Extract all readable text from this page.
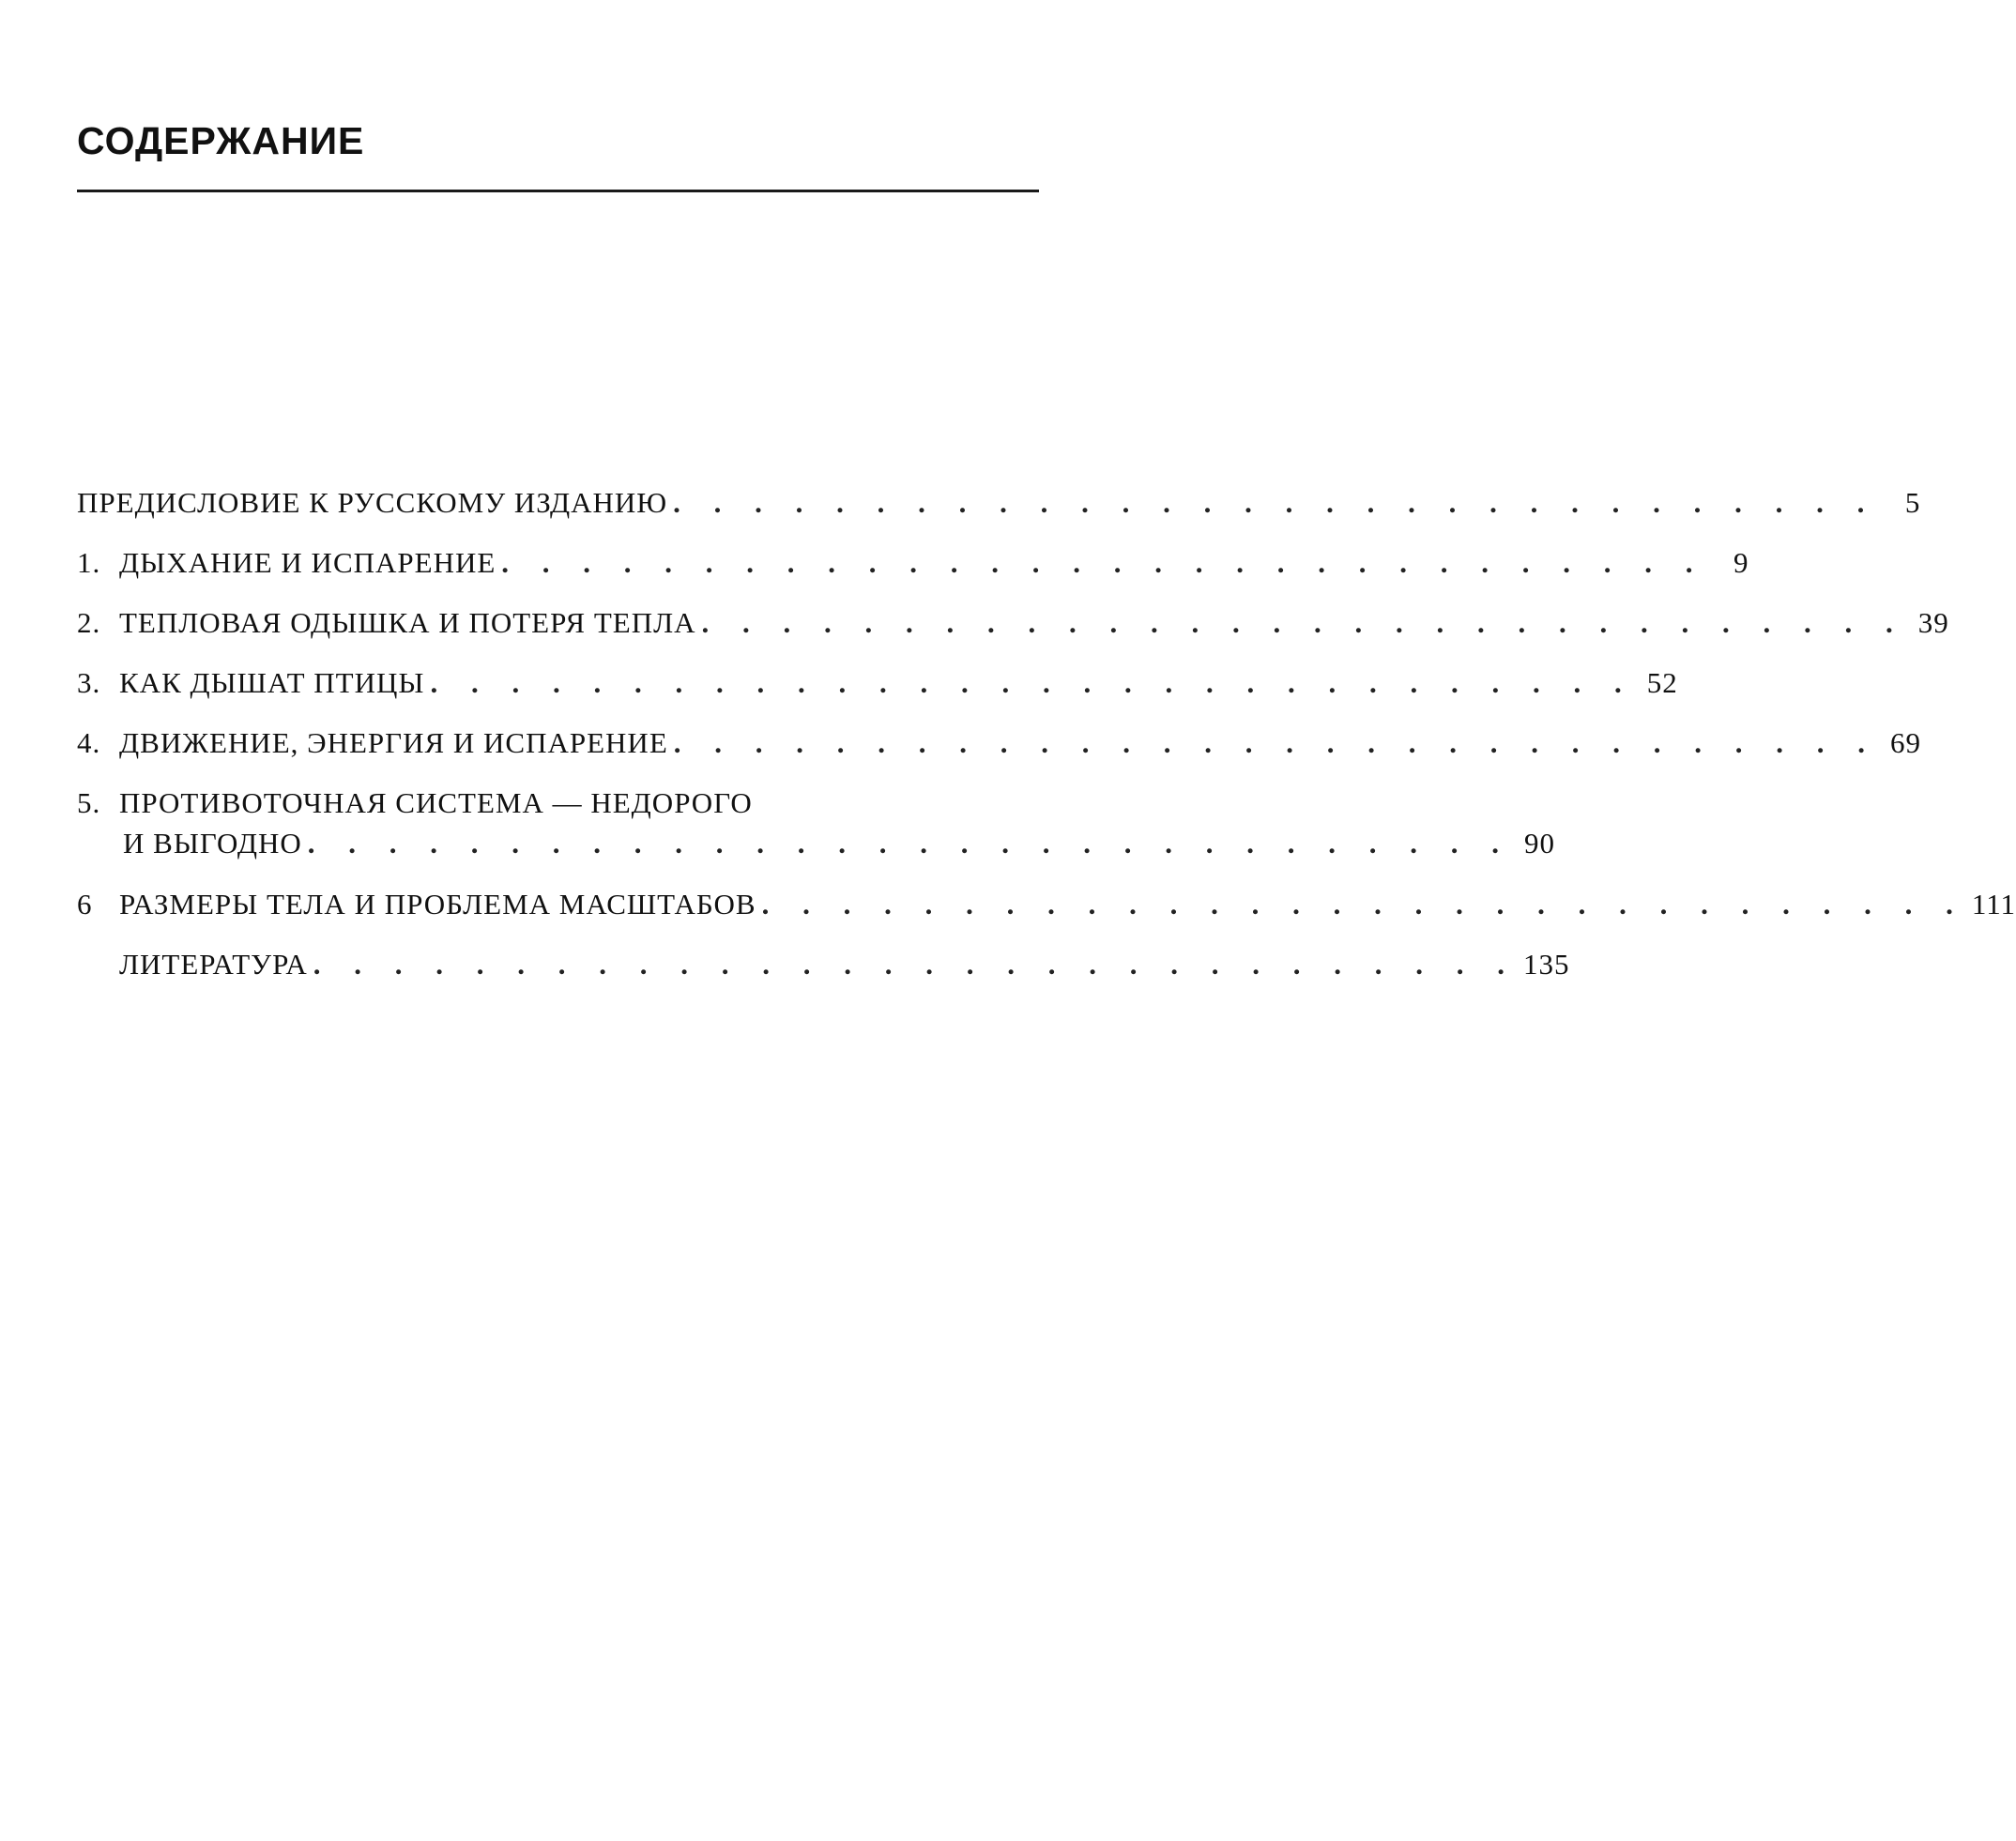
СОДЕРЖАНИЕ
ПРЕДИСЛОВИЕ К РУССКОМУ ИЗДАНИЮ . . . . . . . . . . . . . . . . . . . . . . . . . . . . . . 5
1. ДЫХАНИЕ И ИСПАРЕНИЕ . . . . . . . . . . . . . . . . . . . . . . . . . . . . . . 9
2. ТЕПЛОВАЯ ОДЫШКА И ПОТЕРЯ ТЕПЛА . . . . . . . . . . . . . . . . . . . . . . . . . . . . . . 39
3. КАК ДЫШАТ ПТИЦЫ . . . . . . . . . . . . . . . . . . . . . . . . . . . . . . 52
4. ДВИЖЕНИЕ, ЭНЕРГИЯ И ИСПАРЕНИЕ . . . . . . . . . . . . . . . . . . . . . . . . . . . . . . 69
5. ПРОТИВОТОЧНАЯ СИСТЕМА — НЕДОРОГО
И ВЫГОДНО . . . . . . . . . . . . . . . . . . . . . . . . . . . . . . 90
6 РАЗМЕРЫ ТЕЛА И ПРОБЛЕМА МАСШТАБОВ . . . . . . . . . . . . . . . . . . . . . . . . . . . . . . 111
ЛИТЕРАТУРА . . . . . . . . . . . . . . . . . . . . . . . . . . . . . . 135
